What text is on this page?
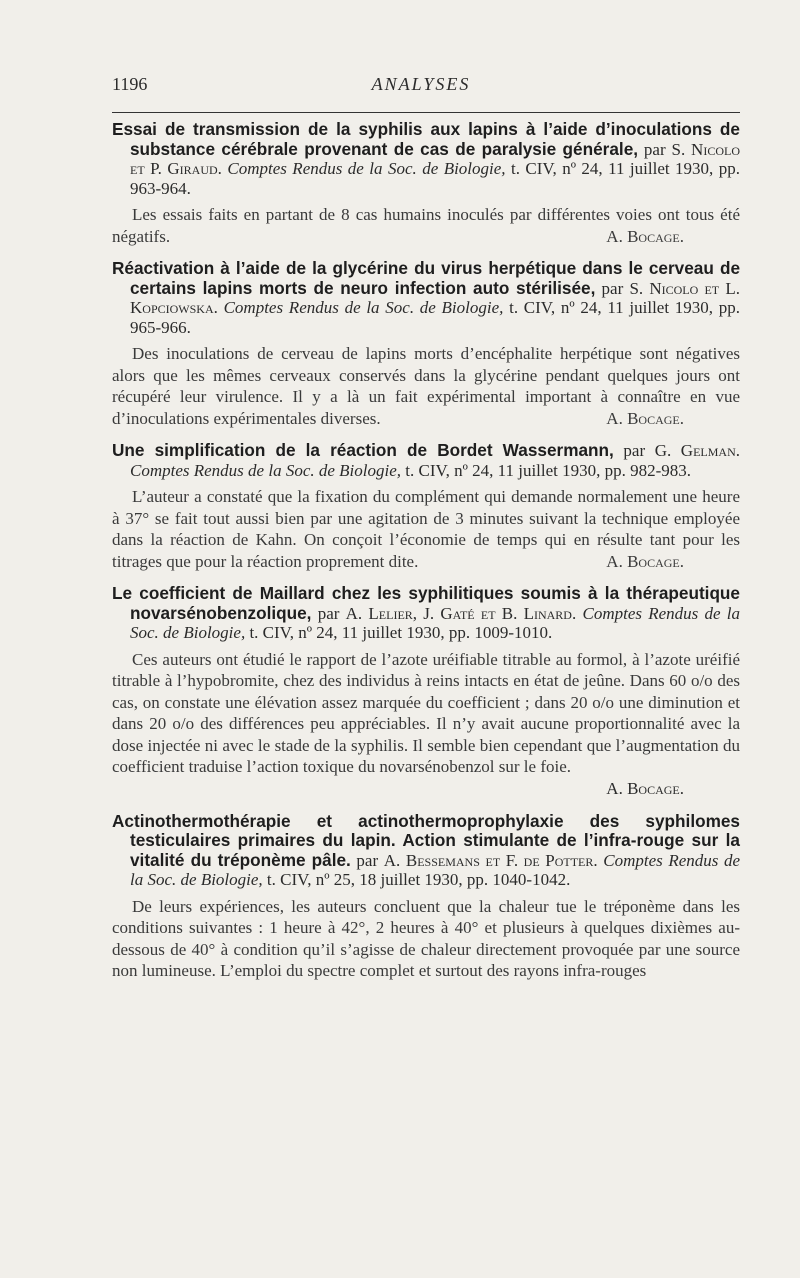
1196	ANALYSES

Essai de transmission de la syphilis aux lapins à l’aide d’inoculations de substance cérébrale provenant de cas de paralysie générale, par S. Nicolo et P. Giraud. Comptes Rendus de la Soc. de Biologie, t. CIV, nº 24, 11 juillet 1930, pp. 963-964.

Les essais faits en partant de 8 cas humains inoculés par différentes voies ont tous été négatifs.	A. Bocage.

Réactivation à l’aide de la glycérine du virus herpétique dans le cerveau de certains lapins morts de neuro infection auto stérilisée, par S. Nicolo et L. Kopciowska. Comptes Rendus de la Soc. de Biologie, t. CIV, nº 24, 11 juillet 1930, pp. 965-966.

Des inoculations de cerveau de lapins morts d’encéphalite herpétique sont négatives alors que les mêmes cerveaux conservés dans la glycérine pendant quelques jours ont récupéré leur virulence. Il y a là un fait expérimental important à connaître en vue d’inoculations expérimentales diverses.	A. Bocage.

Une simplification de la réaction de Bordet Wassermann, par G. Gelman. Comptes Rendus de la Soc. de Biologie, t. CIV, nº 24, 11 juillet 1930, pp. 982-983.

L’auteur a constaté que la fixation du complément qui demande normalement une heure à 37° se fait tout aussi bien par une agitation de 3 minutes suivant la technique employée dans la réaction de Kahn. On conçoit l’économie de temps qui en résulte tant pour les titrages que pour la réaction proprement dite.	A. Bocage.

Le coefficient de Maillard chez les syphilitiques soumis à la thérapeutique novarsénobenzolique, par A. Lelier, J. Gaté et B. Linard. Comptes Rendus de la Soc. de Biologie, t. CIV, nº 24, 11 juillet 1930, pp. 1009-1010.

Ces auteurs ont étudié le rapport de l’azote uréifiable titrable au formol, à l’azote uréifié titrable à l’hypobromite, chez des individus à reins intacts en état de jeûne. Dans 60 o/o des cas, on constate une élévation assez marquée du coefficient ; dans 20 o/o une diminution et dans 20 o/o des différences peu appréciables. Il n’y avait aucune proportionnalité avec la dose injectée ni avec le stade de la syphilis. Il semble bien cependant que l’augmentation du coefficient traduise l’action toxique du novarsénobenzol sur le foie.

A. Bocage.

Actinothermothérapie et actinothermoprophylaxie des syphilomes testiculaires primaires du lapin. Action stimulante de l’infra-rouge sur la vitalité du tréponème pâle. par A. Bessemans et F. de Potter. Comptes Rendus de la Soc. de Biologie, t. CIV, nº 25, 18 juillet 1930, pp. 1040-1042.

De leurs expériences, les auteurs concluent que la chaleur tue le tréponème dans les conditions suivantes : 1 heure à 42°, 2 heures à 40° et plusieurs à quelques dixièmes au-dessous de 40° à condition qu’il s’agisse de chaleur directement provoquée par une source non lumineuse. L’emploi du spectre complet et surtout des rayons infra-rouges
